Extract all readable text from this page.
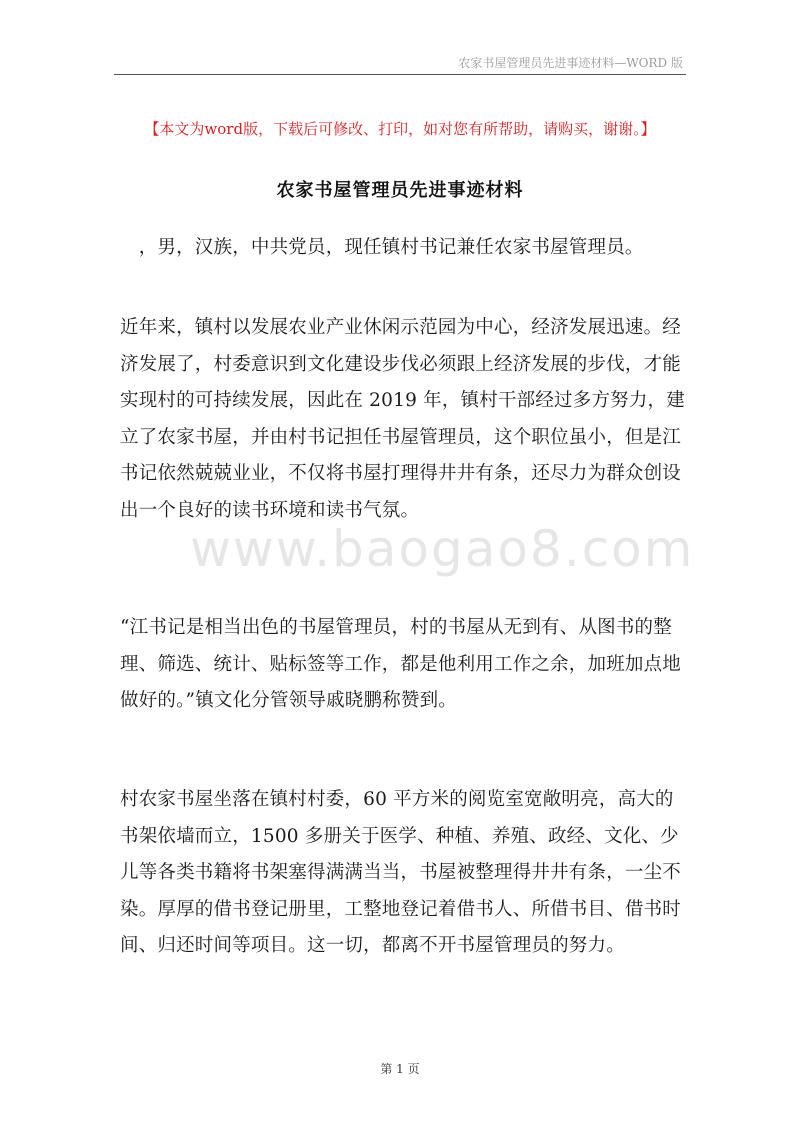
农家书屋管理员先进事迹材料—WORD 版
【本文为word版，下载后可修改、打印，如对您有所帮助，请购买，谢谢。】
农家书屋管理员先进事迹材料
　，男，汉族，中共党员，现任镇村书记兼任农家书屋管理员。
近年来，镇村以发展农业产业休闲示范园为中心，经济发展迅速。经
济发展了，村委意识到文化建设步伐必须跟上经济发展的步伐，才能
实现村的可持续发展，因此在 2019 年，镇村干部经过多方努力，建
立了农家书屋，并由村书记担任书屋管理员，这个职位虽小，但是江
书记依然兢兢业业，不仅将书屋打理得井井有条，还尽力为群众创设
出一个良好的读书环境和读书气氛。
www.baogao8.com
“江书记是相当出色的书屋管理员，村的书屋从无到有、从图书的整
理、筛选、统计、贴标签等工作，都是他利用工作之余，加班加点地
做好的。”镇文化分管领导戚晓鹏称赞到。
村农家书屋坐落在镇村村委，60 平方米的阅览室宽敞明亮，高大的
书架依墙而立，1500 多册关于医学、种植、养殖、政经、文化、少
儿等各类书籍将书架塞得满满当当，书屋被整理得井井有条，一尘不
染。厚厚的借书登记册里，工整地登记着借书人、所借书目、借书时
间、归还时间等项目。这一切，都离不开书屋管理员的努力。
第 1 页
